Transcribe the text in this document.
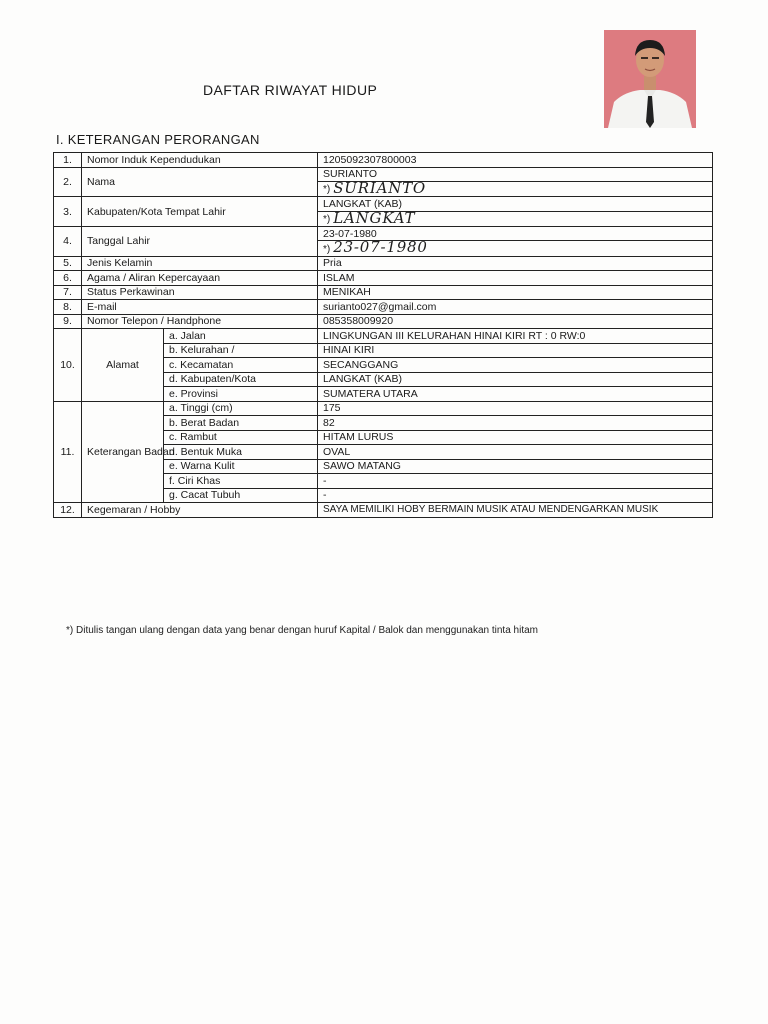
DAFTAR RIWAYAT HIDUP
I. KETERANGAN PERORANGAN
1.	Nomor Induk Kependudukan		1205092307800003
2.	Nama		SURIANTO
			*) SURIANTO
3.	Kabupaten/Kota Tempat Lahir		LANGKAT (KAB)
			*) LANGKAT
4.	Tanggal Lahir		23-07-1980
			*) 23-07-1980
5.	Jenis Kelamin		Pria
6.	Agama / Aliran Kepercayaan		ISLAM
7.	Status Perkawinan		MENIKAH
8.	E-mail		surianto027@gmail.com
9.	Nomor Telepon / Handphone		085358009920
10.	Alamat	a. Jalan	LINGKUNGAN III KELURAHAN HINAI KIRI RT : 0 RW:0
		b. Kelurahan /	HINAI KIRI
		c. Kecamatan	SECANGGANG
		d. Kabupaten/Kota	LANGKAT (KAB)
		e. Provinsi	SUMATERA UTARA
11.	Keterangan Badan	a. Tinggi (cm)	175
		b. Berat Badan	82
		c. Rambut	HITAM LURUS
		d. Bentuk Muka	OVAL
		e. Warna Kulit	SAWO MATANG
		f. Ciri Khas	-
		g. Cacat Tubuh	-
12.	Kegemaran / Hobby		SAYA MEMILIKI HOBY BERMAIN MUSIK ATAU MENDENGARKAN MUSIK
*) Ditulis tangan ulang dengan data yang benar dengan huruf Kapital / Balok dan menggunakan tinta hitam
